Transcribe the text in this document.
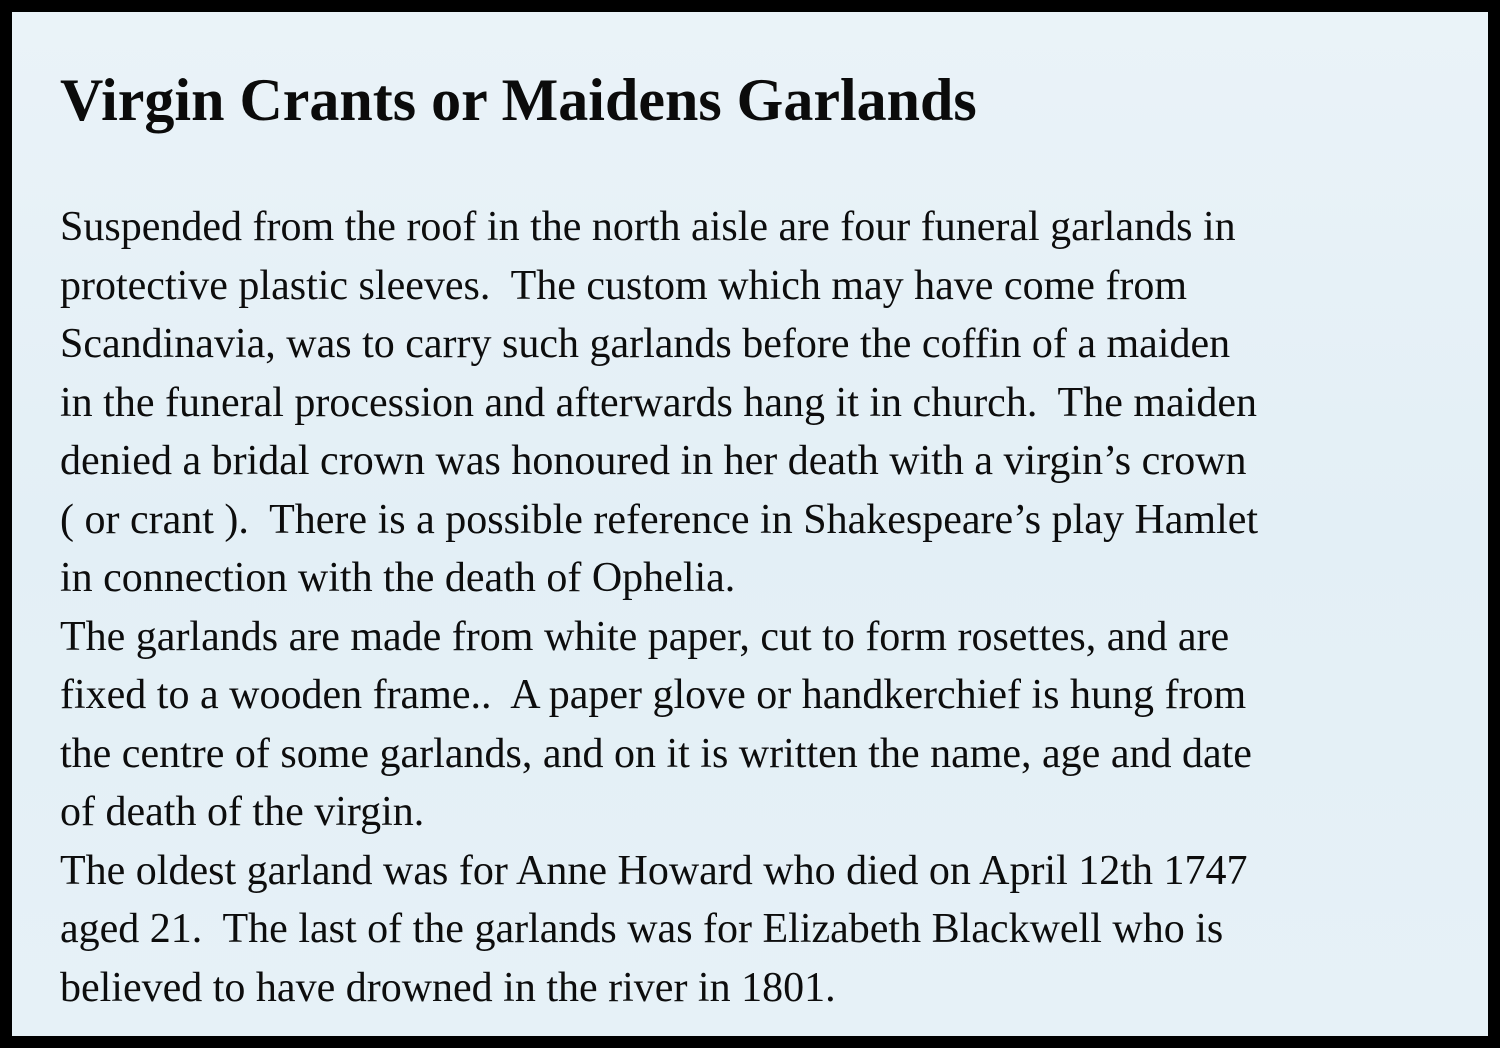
Virgin Crants or Maidens Garlands
Suspended from the roof in the north aisle are four funeral garlands in
protective plastic sleeves.  The custom which may have come from
Scandinavia, was to carry such garlands before the coffin of a maiden
in the funeral procession and afterwards hang it in church.  The maiden
denied a bridal crown was honoured in her death with a virgin’s crown
( or crant ).  There is a possible reference in Shakespeare’s play Hamlet
in connection with the death of Ophelia.
The garlands are made from white paper, cut to form rosettes, and are
fixed to a wooden frame..  A paper glove or handkerchief is hung from
the centre of some garlands, and on it is written the name, age and date
of death of the virgin.
The oldest garland was for Anne Howard who died on April 12th 1747
aged 21.  The last of the garlands was for Elizabeth Blackwell who is
believed to have drowned in the river in 1801.
